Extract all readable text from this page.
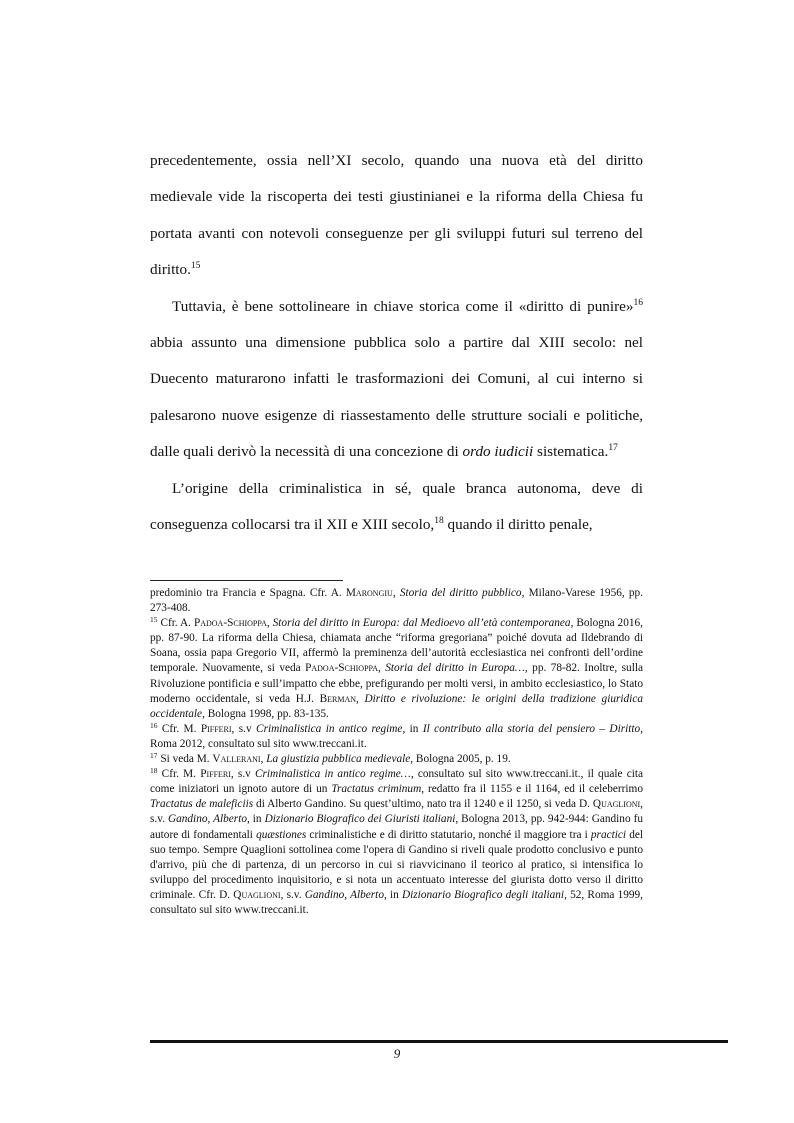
precedentemente, ossia nell’XI secolo, quando una nuova età del diritto medievale vide la riscoperta dei testi giustinianei e la riforma della Chiesa fu portata avanti con notevoli conseguenze per gli sviluppi futuri sul terreno del diritto.$^{15}$

Tuttavia, è bene sottolineare in chiave storica come il «diritto di punire»$^{16}$ abbia assunto una dimensione pubblica solo a partire dal XIII secolo: nel Duecento maturarono infatti le trasformazioni dei Comuni, al cui interno si palesarono nuove esigenze di riassestamento delle strutture sociali e politiche, dalle quali derivò la necessità di una concezione di ordo iudicii sistematica.$^{17}$

L’origine della criminalistica in sé, quale branca autonoma, deve di conseguenza collocarsi tra il XII e XIII secolo,$^{18}$ quando il diritto penale,

predominio tra Francia e Spagna. Cfr. A. Marongiu, Storia del diritto pubblico, Milano-Varese 1956, pp. 273-408.

$^{15}$ Cfr. A. Padoa-Schioppa, Storia del diritto in Europa: dal Medioevo all’età contemporanea, Bologna 2016, pp. 87-90. La riforma della Chiesa, chiamata anche “riforma gregoriana” poiché dovuta ad Ildebrando di Soana, ossia papa Gregorio VII, affermò la preminenza dell’autorità ecclesiastica nei confronti dell’ordine temporale. Nuovamente, si veda Padoa-Schioppa, Storia del diritto in Europa…, pp. 78-82. Inoltre, sulla Rivoluzione pontificia e sull’impatto che ebbe, prefigurando per molti versi, in ambito ecclesiastico, lo Stato moderno occidentale, si veda H.J. Berman, Diritto e rivoluzione: le origini della tradizione giuridica occidentale, Bologna 1998, pp. 83-135.

$^{16}$ Cfr. M. Pifferi, s.v Criminalistica in antico regime, in Il contributo alla storia del pensiero – Diritto, Roma 2012, consultato sul sito www.treccani.it.

$^{17}$ Si veda M. Vallerani, La giustizia pubblica medievale, Bologna 2005, p. 19.

$^{18}$ Cfr. M. Pifferi, s.v Criminalistica in antico regime…, consultato sul sito www.treccani.it., il quale cita come iniziatori un ignoto autore di un Tractatus criminum, redatto fra il 1155 e il 1164, ed il celeberrimo Tractatus de maleficiis di Alberto Gandino. Su quest’ultimo, nato tra il 1240 e il 1250, si veda D. Quaglioni, s.v. Gandino, Alberto, in Dizionario Biografico dei Giuristi italiani, Bologna 2013, pp. 942-944: Gandino fu autore di fondamentali quæstiones criminalistiche e di diritto statutario, nonché il maggiore tra i practici del suo tempo. Sempre Quaglioni sottolinea come l'opera di Gandino si riveli quale prodotto conclusivo e punto d'arrivo, più che di partenza, di un percorso in cui si riavvicinano il teorico al pratico, si intensifica lo sviluppo del procedimento inquisitorio, e si nota un accentuato interesse del giurista dotto verso il diritto criminale. Cfr. D. Quaglioni, s.v. Gandino, Alberto, in Dizionario Biografico degli italiani, 52, Roma 1999, consultato sul sito www.treccani.it.

9
